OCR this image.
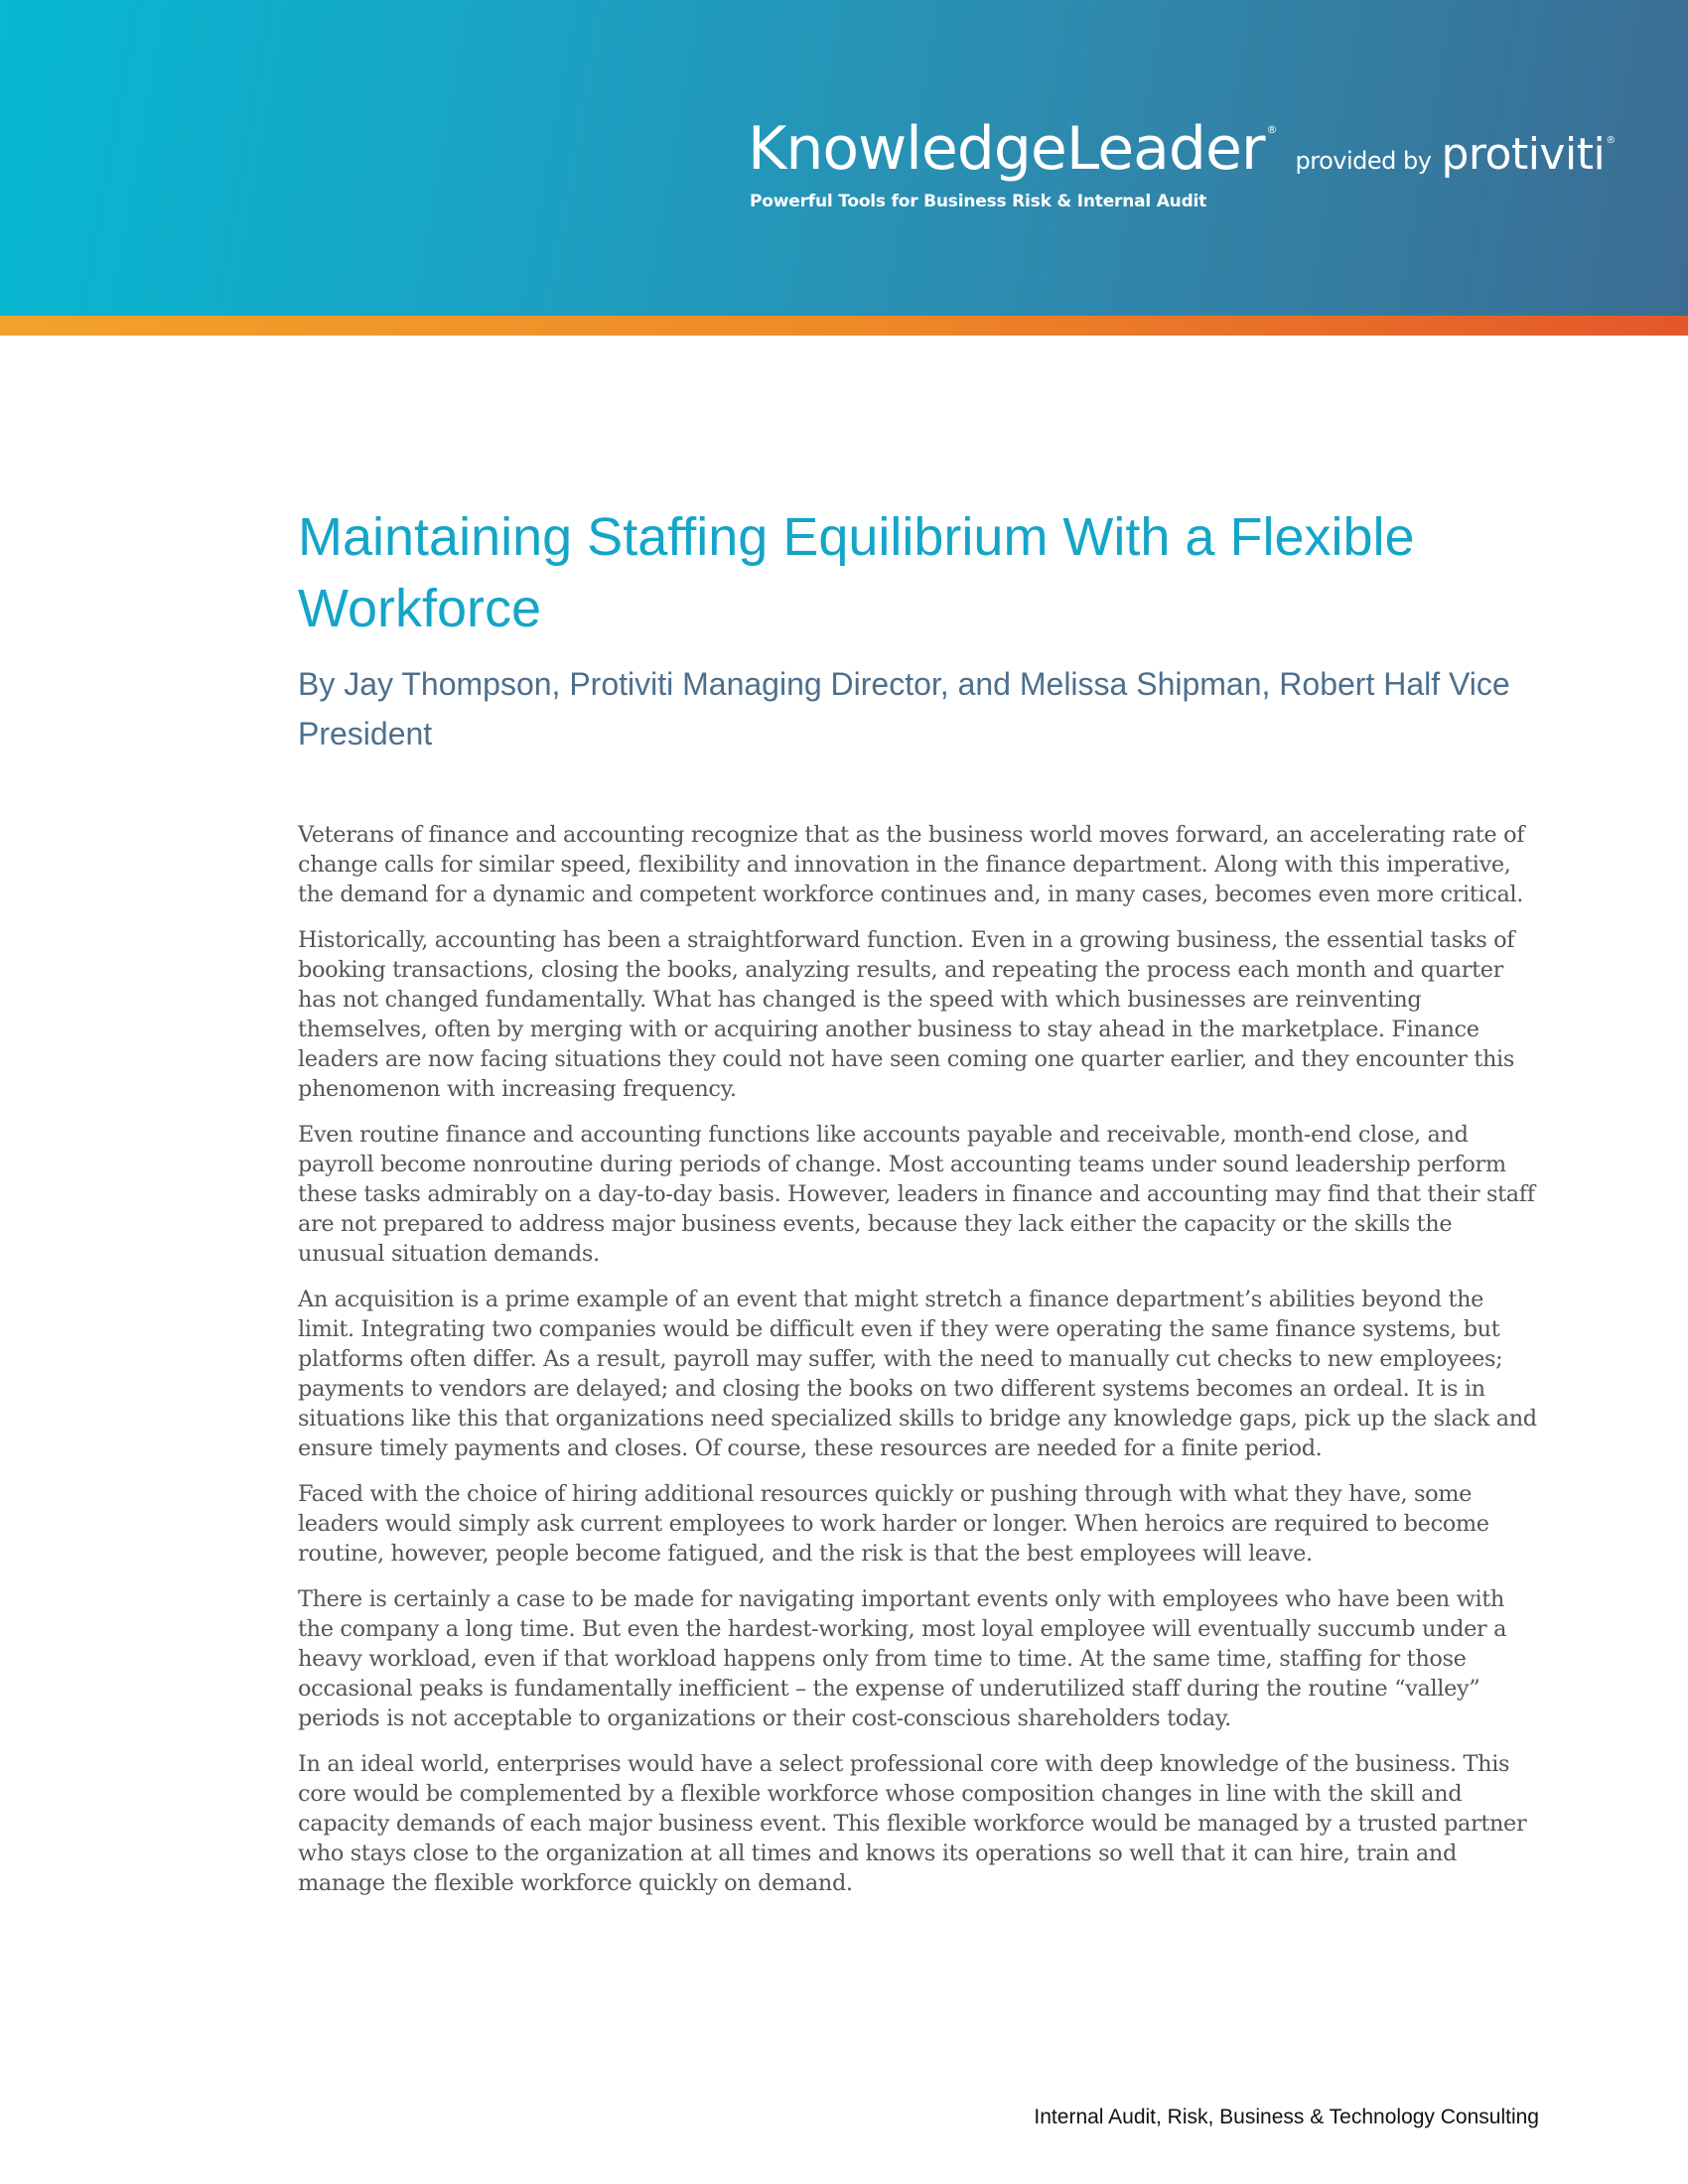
KnowledgeLeader ® provided by protiviti®
Powerful Tools for Business Risk & Internal Audit
Maintaining Staffing Equilibrium With a Flexible Workforce

By Jay Thompson, Protiviti Managing Director, and Melissa Shipman, Robert Half Vice President

Veterans of finance and accounting recognize that as the business world moves forward, an accelerating rate of change calls for similar speed, flexibility and innovation in the finance department. Along with this imperative, the demand for a dynamic and competent workforce continues and, in many cases, becomes even more critical.

Historically, accounting has been a straightforward function. Even in a growing business, the essential tasks of booking transactions, closing the books, analyzing results, and repeating the process each month and quarter has not changed fundamentally. What has changed is the speed with which businesses are reinventing themselves, often by merging with or acquiring another business to stay ahead in the marketplace. Finance leaders are now facing situations they could not have seen coming one quarter earlier, and they encounter this phenomenon with increasing frequency.

Even routine finance and accounting functions like accounts payable and receivable, month-end close, and payroll become nonroutine during periods of change. Most accounting teams under sound leadership perform these tasks admirably on a day-to-day basis. However, leaders in finance and accounting may find that their staff are not prepared to address major business events, because they lack either the capacity or the skills the unusual situation demands.

An acquisition is a prime example of an event that might stretch a finance department’s abilities beyond the limit. Integrating two companies would be difficult even if they were operating the same finance systems, but platforms often differ. As a result, payroll may suffer, with the need to manually cut checks to new employees; payments to vendors are delayed; and closing the books on two different systems becomes an ordeal. It is in situations like this that organizations need specialized skills to bridge any knowledge gaps, pick up the slack and ensure timely payments and closes. Of course, these resources are needed for a finite period.

Faced with the choice of hiring additional resources quickly or pushing through with what they have, some leaders would simply ask current employees to work harder or longer. When heroics are required to become routine, however, people become fatigued, and the risk is that the best employees will leave.

There is certainly a case to be made for navigating important events only with employees who have been with the company a long time. But even the hardest-working, most loyal employee will eventually succumb under a heavy workload, even if that workload happens only from time to time. At the same time, staffing for those occasional peaks is fundamentally inefficient – the expense of underutilized staff during the routine “valley” periods is not acceptable to organizations or their cost-conscious shareholders today.

In an ideal world, enterprises would have a select professional core with deep knowledge of the business. This core would be complemented by a flexible workforce whose composition changes in line with the skill and capacity demands of each major business event. This flexible workforce would be managed by a trusted partner who stays close to the organization at all times and knows its operations so well that it can hire, train and manage the flexible workforce quickly on demand.

Internal Audit, Risk, Business & Technology Consulting
